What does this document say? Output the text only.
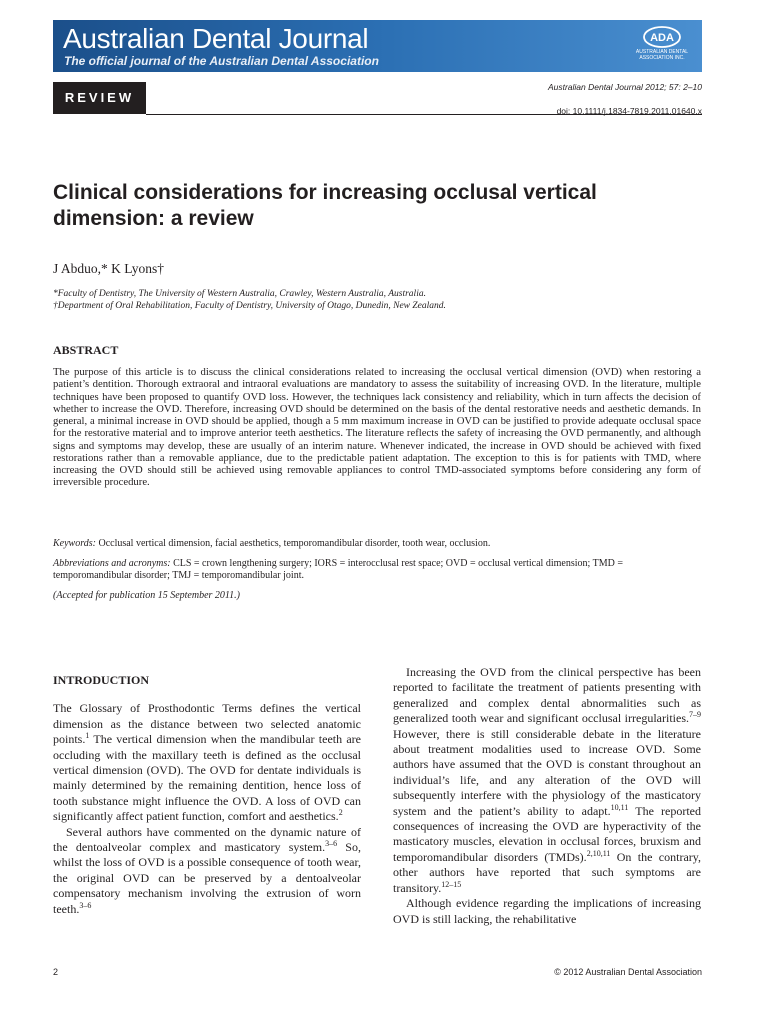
Australian Dental Journal
The official journal of the Australian Dental Association
ADA
AUSTRALIAN DENTAL ASSOCIATION INC.
REVIEW
Australian Dental Journal 2012; 57: 2–10
doi: 10.1111/j.1834-7819.2011.01640.x
Clinical considerations for increasing occlusal vertical dimension: a review
J Abduo,* K Lyons†
*Faculty of Dentistry, The University of Western Australia, Crawley, Western Australia, Australia.
†Department of Oral Rehabilitation, Faculty of Dentistry, University of Otago, Dunedin, New Zealand.
ABSTRACT

The purpose of this article is to discuss the clinical considerations related to increasing the occlusal vertical dimension (OVD) when restoring a patient’s dentition. Thorough extraoral and intraoral evaluations are mandatory to assess the suitability of increasing OVD. In the literature, multiple techniques have been proposed to quantify OVD loss. However, the techniques lack consistency and reliability, which in turn affects the decision of whether to increase the OVD. Therefore, increasing OVD should be determined on the basis of the dental restorative needs and aesthetic demands. In general, a minimal increase in OVD should be applied, though a 5 mm maximum increase in OVD can be justified to provide adequate occlusal space for the restorative material and to improve anterior teeth aesthetics. The literature reflects the safety of increasing the OVD permanently, and although signs and symptoms may develop, these are usually of an interim nature. Whenever indicated, the increase in OVD should be achieved with fixed restorations rather than a removable appliance, due to the predictable patient adaptation. The exception to this is for patients with TMD, where increasing the OVD should still be achieved using removable appliances to control TMD-associated symptoms before considering any form of irreversible procedure.

Keywords: Occlusal vertical dimension, facial aesthetics, temporomandibular disorder, tooth wear, occlusion.

Abbreviations and acronyms: CLS = crown lengthening surgery; IORS = interocclusal rest space; OVD = occlusal vertical dimension; TMD = temporomandibular disorder; TMJ = temporomandibular joint.

(Accepted for publication 15 September 2011.)
INTRODUCTION

The Glossary of Prosthodontic Terms defines the vertical dimension as the distance between two selected anatomic points.$^1$ The vertical dimension when the mandibular teeth are occluding with the maxillary teeth is defined as the occlusal vertical dimension (OVD). The OVD for dentate individuals is mainly determined by the remaining dentition, hence loss of tooth substance might influence the OVD. A loss of OVD can significantly affect patient function, comfort and aesthetics.$^2$

Several authors have commented on the dynamic nature of the dentoalveolar complex and masticatory system.$^{3-6}$ So, whilst the loss of OVD is a possible consequence of tooth wear, the original OVD can be preserved by a dentoalveolar compensatory mechanism involving the extrusion of worn teeth.$^{3-6}$

Increasing the OVD from the clinical perspective has been reported to facilitate the treatment of patients presenting with generalized and complex dental abnormalities such as generalized tooth wear and significant occlusal irregularities.$^{7-9}$ However, there is still considerable debate in the literature about treatment modalities used to increase OVD. Some authors have assumed that the OVD is constant throughout an individual’s life, and any alteration of the OVD will subsequently interfere with the physiology of the masticatory system and the patient’s ability to adapt.$^{10,11}$ The reported consequences of increasing the OVD are hyperactivity of the masticatory muscles, elevation in occlusal forces, bruxism and temporomandibular disorders (TMDs).$^{2,10,11}$ On the contrary, other authors have reported that such symptoms are transitory.$^{12-15}$

Although evidence regarding the implications of increasing OVD is still lacking, the rehabilitative

2	© 2012 Australian Dental Association
